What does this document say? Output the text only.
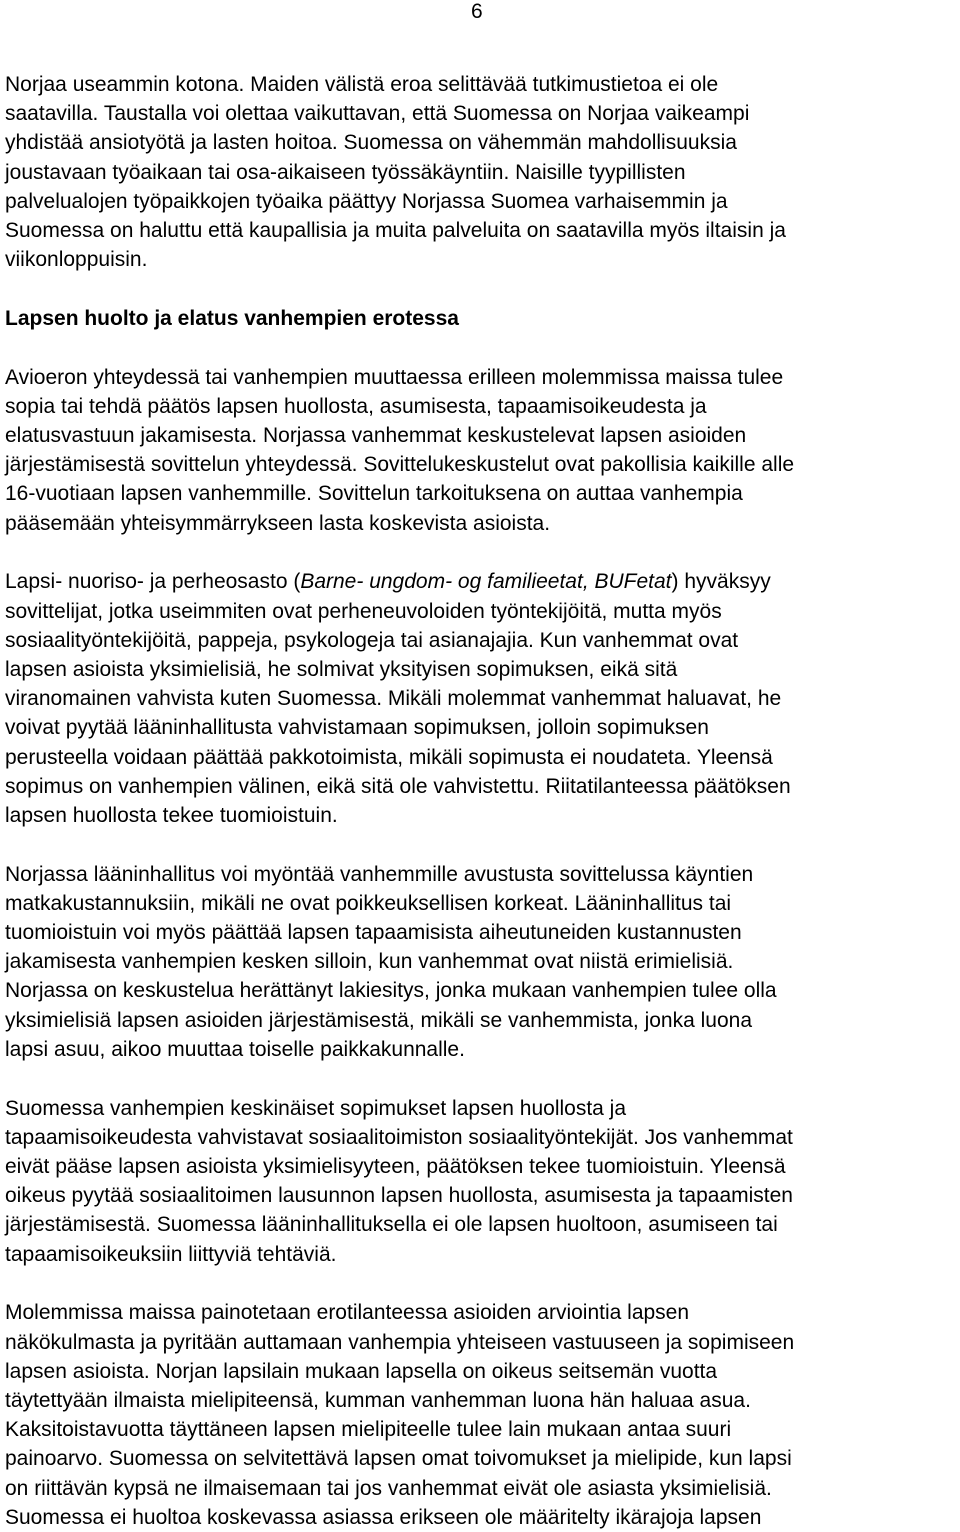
6

Norjaa useammin kotona. Maiden välistä eroa selittävää tutkimustietoa ei ole
saatavilla. Taustalla voi olettaa vaikuttavan, että Suomessa on Norjaa vaikeampi
yhdistää ansiotyötä ja lasten hoitoa. Suomessa on vähemmän mahdollisuuksia
joustavaan työaikaan tai osa-aikaiseen työssäkäyntiin. Naisille tyypillisten
palvelualojen työpaikkojen työaika päättyy Norjassa Suomea varhaisemmin ja
Suomessa on haluttu että kaupallisia ja muita palveluita on saatavilla myös iltaisin ja
viikonloppuisin.

Lapsen huolto ja elatus vanhempien erotessa

Avioeron yhteydessä tai vanhempien muuttaessa erilleen molemmissa maissa tulee
sopia tai tehdä päätös lapsen huollosta, asumisesta, tapaamisoikeudesta ja
elatusvastuun jakamisesta. Norjassa vanhemmat keskustelevat lapsen asioiden
järjestämisestä sovittelun yhteydessä. Sovittelukeskustelut ovat pakollisia kaikille alle
16-vuotiaan lapsen vanhemmille. Sovittelun tarkoituksena on auttaa vanhempia
pääsemään yhteisymmärrykseen lasta koskevista asioista.

Lapsi- nuoriso- ja perheosasto (Barne- ungdom- og familieetat, BUFetat) hyväksyy
sovittelijat, jotka useimmiten ovat perheneuvoloiden työntekijöitä, mutta myös
sosiaalityöntekijöitä, pappeja, psykologeja tai asianajajia. Kun vanhemmat ovat
lapsen asioista yksimielisiä, he solmivat yksityisen sopimuksen, eikä sitä
viranomainen vahvista kuten Suomessa. Mikäli molemmat vanhemmat haluavat, he
voivat pyytää lääninhallitusta vahvistamaan sopimuksen, jolloin sopimuksen
perusteella voidaan päättää pakkotoimista, mikäli sopimusta ei noudateta. Yleensä
sopimus on vanhempien välinen, eikä sitä ole vahvistettu. Riitatilanteessa päätöksen
lapsen huollosta tekee tuomioistuin.

Norjassa lääninhallitus voi myöntää vanhemmille avustusta sovittelussa käyntien
matkakustannuksiin, mikäli ne ovat poikkeuksellisen korkeat. Lääninhallitus tai
tuomioistuin voi myös päättää lapsen tapaamisista aiheutuneiden kustannusten
jakamisesta vanhempien kesken silloin, kun vanhemmat ovat niistä erimielisiä.
Norjassa on keskustelua herättänyt lakiesitys, jonka mukaan vanhempien tulee olla
yksimielisiä lapsen asioiden järjestämisestä, mikäli se vanhemmista, jonka luona
lapsi asuu, aikoo muuttaa toiselle paikkakunnalle.

Suomessa vanhempien keskinäiset sopimukset lapsen huollosta ja
tapaamisoikeudesta vahvistavat sosiaalitoimiston sosiaalityöntekijät. Jos vanhemmat
eivät pääse lapsen asioista yksimielisyyteen, päätöksen tekee tuomioistuin. Yleensä
oikeus pyytää sosiaalitoimen lausunnon lapsen huollosta, asumisesta ja tapaamisten
järjestämisestä. Suomessa lääninhallituksella ei ole lapsen huoltoon, asumiseen tai
tapaamisoikeuksiin liittyviä tehtäviä.

Molemmissa maissa painotetaan erotilanteessa asioiden arviointia lapsen
näkökulmasta ja pyritään auttamaan vanhempia yhteiseen vastuuseen ja sopimiseen
lapsen asioista. Norjan lapsilain mukaan lapsella on oikeus seitsemän vuotta
täytettyään ilmaista mielipiteensä, kumman vanhemman luona hän haluaa asua.
Kaksitoistavuotta täyttäneen lapsen mielipiteelle tulee lain mukaan antaa suuri
painoarvo. Suomessa on selvitettävä lapsen omat toivomukset ja mielipide, kun lapsi
on riittävän kypsä ne ilmaisemaan tai jos vanhemmat eivät ole asiasta yksimielisiä.
Suomessa ei huoltoa koskevassa asiassa erikseen ole määritelty ikärajoja lapsen
